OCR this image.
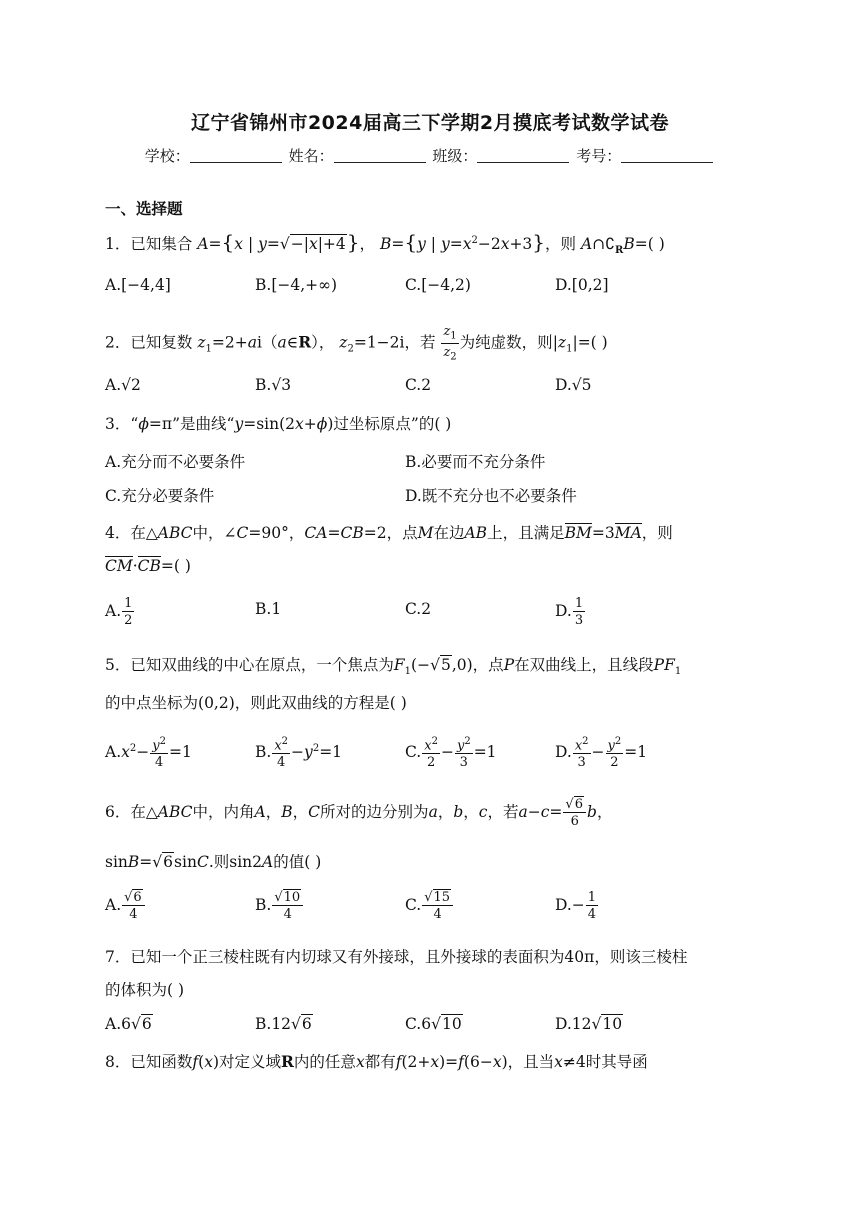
辽宁省锦州市2024届高三下学期2月摸底考试数学试卷
学校：	姓名：	班级：	考号：
一、选择题
1．已知集合 A={x | y=√−|x|+4}， B={y | $y=x^2-2x+3$}，则 $A\cap∁_RB=$( )
A.[−4,4]	B.[−4,+∞)	C.[−4,2)	D.[0,2]
2．已知复数 $z_1=2+ai(a\in R)$， $z_2=1-2i$，若 $\frac{z_1}{z_2}$ 为纯虚数，则$|z_1|=$( )
A.√2	B.√3	C.2	D.√5
3．“ϕ=π”是曲线“y=sin(2x+ϕ)过坐标原点”的( )
A.充分而不必要条件	B.必要而不充分条件
C.充分必要条件	D.既不充分也不必要条件
4．在△ABC中，∠C=90°，CA=CB=2，点M在边AB上，且满足BM=3MA，则
CM·CB=( )
A. $\frac{1}{2}$	B.1	C.2	D. $\frac{1}{3}$
5．已知双曲线的中心在原点，一个焦点为$F_1(-√5,0)$，点P在双曲线上，且线段$PF_1$
的中点坐标为(0,2)，则此双曲线的方程是( )
$A.x^2- \frac{y^2}{4} =1$	B. $\frac{x^2}{4} -y^2=1$	C. $\frac{x^2}{2} - \frac{y^2}{3} =1$	D. $\frac{x^2}{3} - \frac{y^2}{2} =1$
6．在△ABC中，内角A，B，C所对的边分别为a，b，c，若$a-c= \frac{√6}{6}$ b，
sinB=√6sinC.则sin2A的值( )
A. $\frac{√6}{4}$	B. $\frac{√10}{4}$	C. $\frac{√15}{4}$	$D.- \frac{1}{4}$
7．已知一个正三棱柱既有内切球又有外接球，且外接球的表面积为40π，则该三棱柱
的体积为( )
A.6√6	B.12√6	C.6√10	D.12√10
8．已知函数f(x)对定义域R内的任意x都有f(2+x)=f(6−x)，且当x≠4时其导函
